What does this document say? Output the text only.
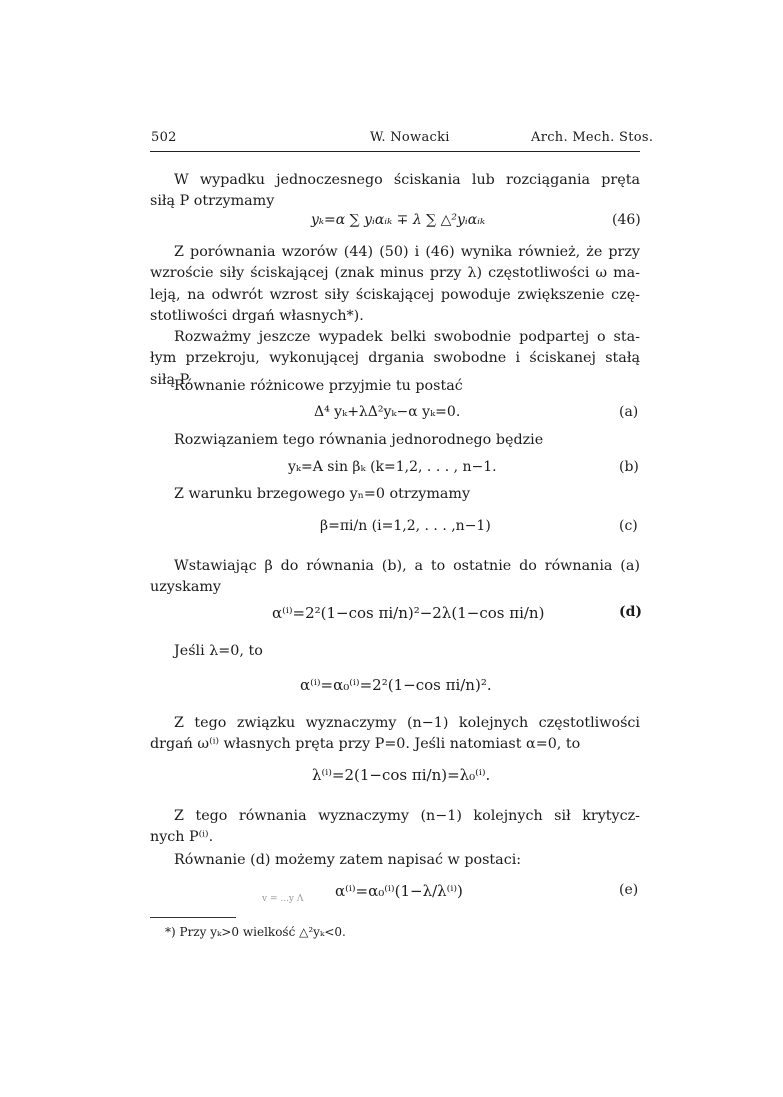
502	W. Nowacki	Arch. Mech. Stos.
W wypadku jednoczesnego ściskania lub rozciągania pręta
siłą P otrzymamy
yₖ=α ∑ yᵢαᵢₖ ∓ λ ∑ △²yᵢαᵢₖ	(46)
Z porównania wzorów (44) (50) i (46) wynika również, że przy
wzroście siły ściskającej (znak minus przy λ) częstotliwości ω ma-
leją, na odwrót wzrost siły ściskającej powoduje zwiększenie czę-
stotliwości drgań własnych*).
Rozważmy jeszcze wypadek belki swobodnie podpartej o sta-
łym przekroju, wykonującej drgania swobodne i ściskanej stałą
siłą P.
Równanie różnicowe przyjmie tu postać
Δ⁴ yₖ+λΔ²yₖ−α yₖ=0.	(a)
Rozwiązaniem tego równania jednorodnego będzie
yₖ=A sin βₖ (k=1,2, . . . , n−1.	(b)
Z warunku brzegowego yₙ=0 otrzymamy
β=πi/n (i=1,2, . . . ,n−1)	(c)
Wstawiając β do równania (b), a to ostatnie do równania (a)
uzyskamy
α⁽ⁱ⁾=2²(1−cos πi/n)²−2λ(1−cos πi/n)	(d)
Jeśli λ=0, to
α⁽ⁱ⁾=α₀⁽ⁱ⁾=2²(1−cos πi/n)².
Z tego związku wyznaczymy (n−1) kolejnych częstotliwości
drgań ω⁽ⁱ⁾ własnych pręta przy P=0. Jeśli natomiast α=0, to
λ⁽ⁱ⁾=2(1−cos πi/n)=λ₀⁽ⁱ⁾.
Z tego równania wyznaczymy (n−1) kolejnych sił krytycz-
nych P⁽ⁱ⁾.
Równanie (d) możemy zatem napisać w postaci:
α⁽ⁱ⁾=α₀⁽ⁱ⁾(1−λ/λ⁽ⁱ⁾)	(e)
v = ...y Λ
*) Przy yₖ>0 wielkość △²yₖ<0.
